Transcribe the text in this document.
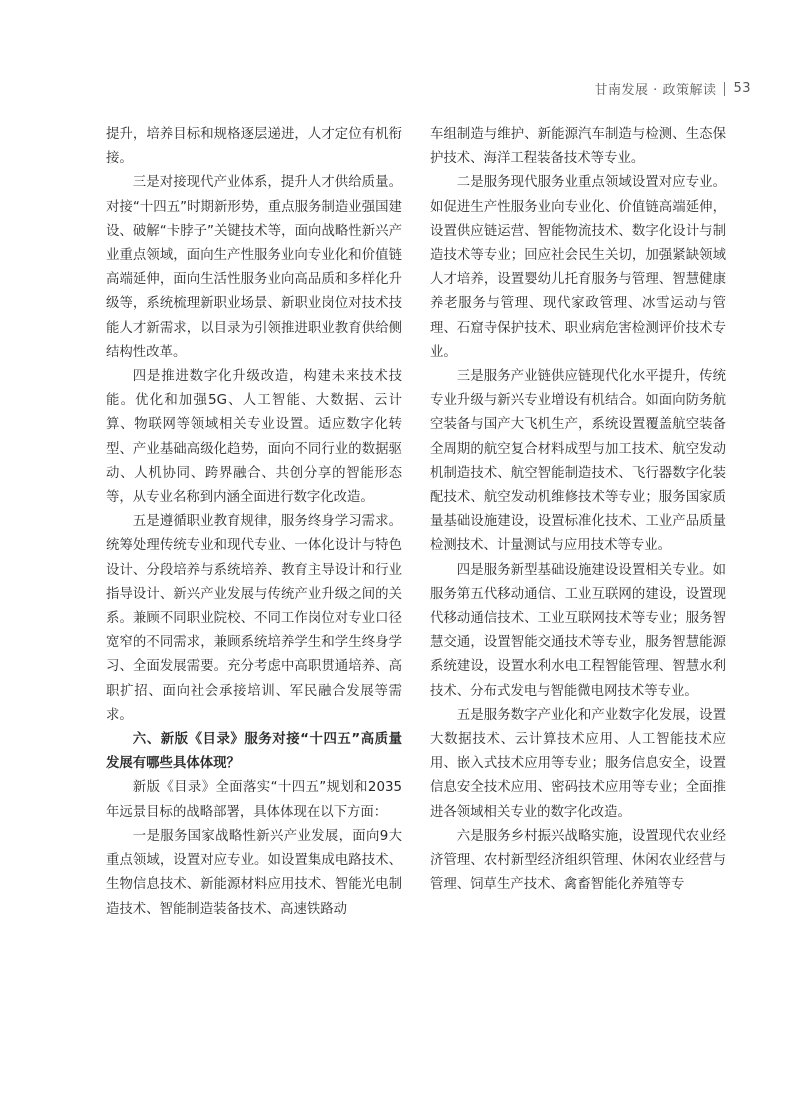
甘南发展 · 政策解读 53

提升，培养目标和规格逐层递进，人才定位有机衔接。

三是对接现代产业体系，提升人才供给质量。对接“十四五”时期新形势，重点服务制造业强国建设、破解“卡脖子”关键技术等，面向战略性新兴产业重点领域，面向生产性服务业向专业化和价值链高端延伸，面向生活性服务业向高品质和多样化升级等，系统梳理新职业场景、新职业岗位对技术技能人才新需求，以目录为引领推进职业教育供给侧结构性改革。

四是推进数字化升级改造，构建未来技术技能。优化和加强5G、人工智能、大数据、云计算、物联网等领域相关专业设置。适应数字化转型、产业基础高级化趋势，面向不同行业的数据驱动、人机协同、跨界融合、共创分享的智能形态等，从专业名称到内涵全面进行数字化改造。

五是遵循职业教育规律，服务终身学习需求。统筹处理传统专业和现代专业、一体化设计与特色设计、分段培养与系统培养、教育主导设计和行业指导设计、新兴产业发展与传统产业升级之间的关系。兼顾不同职业院校、不同工作岗位对专业口径宽窄的不同需求，兼顾系统培养学生和学生终身学习、全面发展需要。充分考虑中高职贯通培养、高职扩招、面向社会承接培训、军民融合发展等需求。

六、新版《目录》服务对接“十四五”高质量发展有哪些具体体现？

新版《目录》全面落实“十四五”规划和2035年远景目标的战略部署，具体体现在以下方面：

一是服务国家战略性新兴产业发展，面向9大重点领域，设置对应专业。如设置集成电路技术、生物信息技术、新能源材料应用技术、智能光电制造技术、智能制造装备技术、高速铁路动

车组制造与维护、新能源汽车制造与检测、生态保护技术、海洋工程装备技术等专业。

二是服务现代服务业重点领域设置对应专业。如促进生产性服务业向专业化、价值链高端延伸，设置供应链运营、智能物流技术、数字化设计与制造技术等专业；回应社会民生关切，加强紧缺领域人才培养，设置婴幼儿托育服务与管理、智慧健康养老服务与管理、现代家政管理、冰雪运动与管理、石窟寺保护技术、职业病危害检测评价技术专业。

三是服务产业链供应链现代化水平提升，传统专业升级与新兴专业增设有机结合。如面向防务航空装备与国产大飞机生产，系统设置覆盖航空装备全周期的航空复合材料成型与加工技术、航空发动机制造技术、航空智能制造技术、飞行器数字化装配技术、航空发动机维修技术等专业；服务国家质量基础设施建设，设置标准化技术、工业产品质量检测技术、计量测试与应用技术等专业。

四是服务新型基础设施建设设置相关专业。如服务第五代移动通信、工业互联网的建设，设置现代移动通信技术、工业互联网技术等专业；服务智慧交通，设置智能交通技术等专业，服务智慧能源系统建设，设置水利水电工程智能管理、智慧水利技术、分布式发电与智能微电网技术等专业。

五是服务数字产业化和产业数字化发展，设置大数据技术、云计算技术应用、人工智能技术应用、嵌入式技术应用等专业；服务信息安全，设置信息安全技术应用、密码技术应用等专业；全面推进各领域相关专业的数字化改造。

六是服务乡村振兴战略实施，设置现代农业经济管理、农村新型经济组织管理、休闲农业经营与管理、饲草生产技术、禽畜智能化养殖等专
